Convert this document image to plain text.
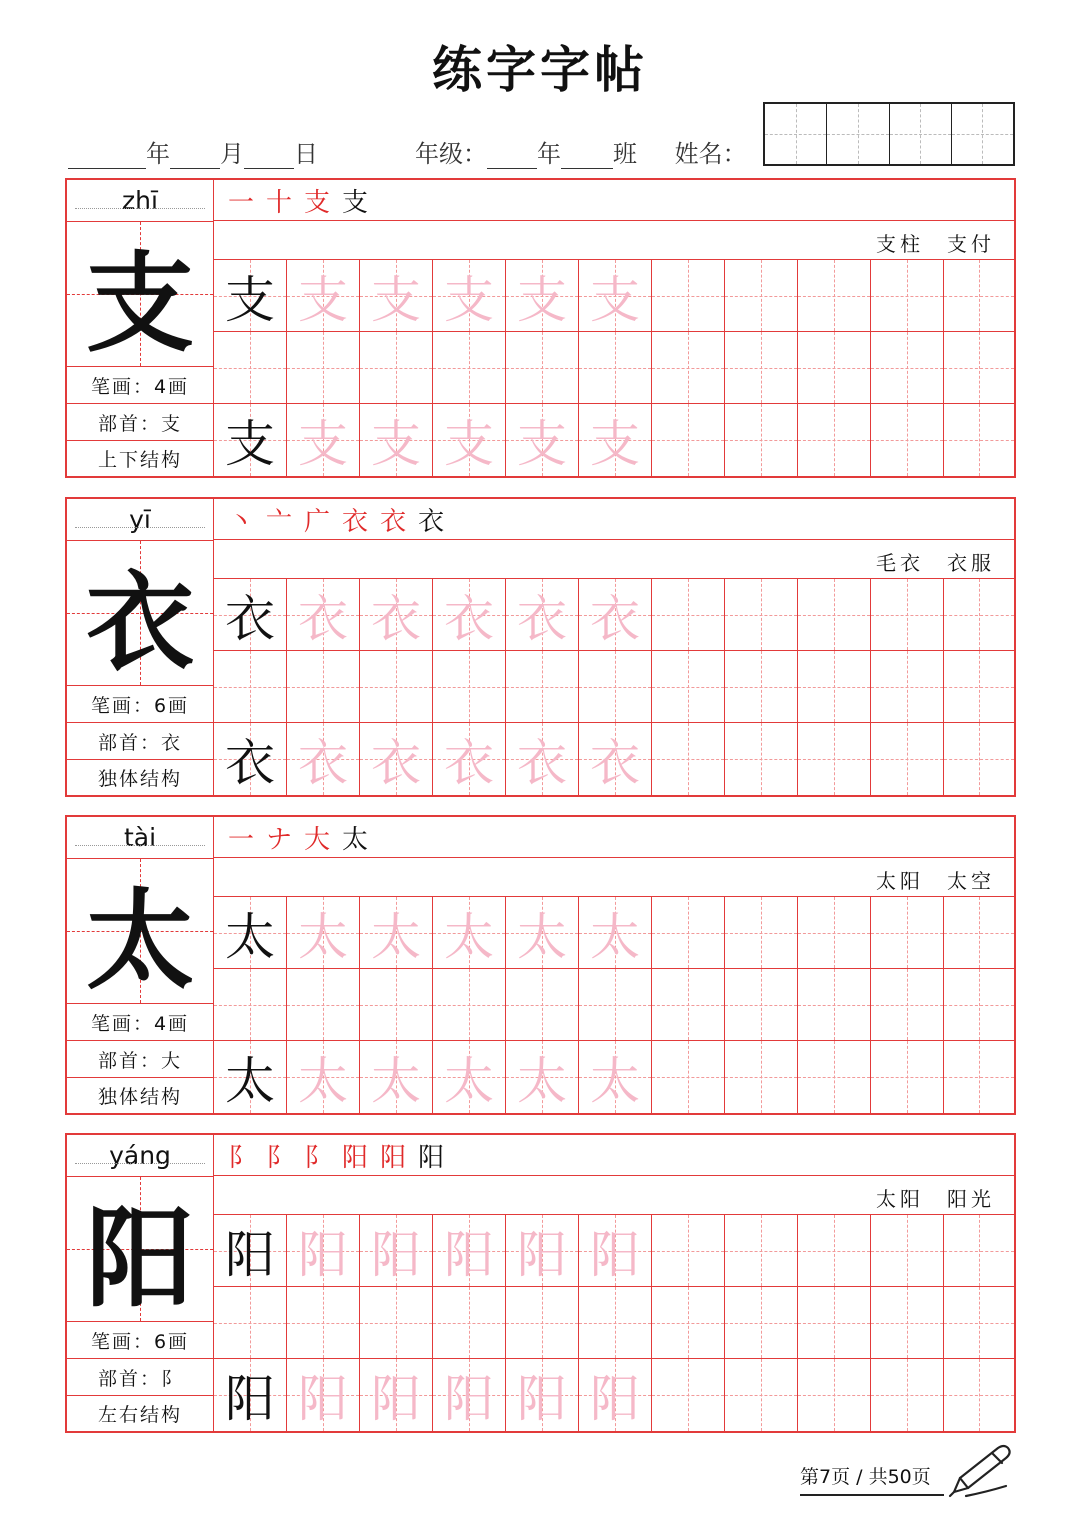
练字字帖
年 月 日	年级： 年 班 姓名：
zhī
支
笔画：4画
部首：支
上下结构
一 十 支 支
支柱 支付
支 支 支 支 支 支
支 支 支 支 支 支
yī
衣
笔画：6画
部首：衣
独体结构
丶 亠 广 衣 衣 衣
毛衣 衣服
衣 衣 衣 衣 衣 衣
衣 衣 衣 衣 衣 衣
tài
太
笔画：4画
部首：大
独体结构
一 ナ 大 太
太阳 太空
太 太 太 太 太 太
太 太 太 太 太 太
yáng
阳
笔画：6画
部首：阝
左右结构
阝 阝 阝 阳 阳 阳
太阳 阳光
阳 阳 阳 阳 阳 阳
阳 阳 阳 阳 阳 阳
第7页 / 共50页
